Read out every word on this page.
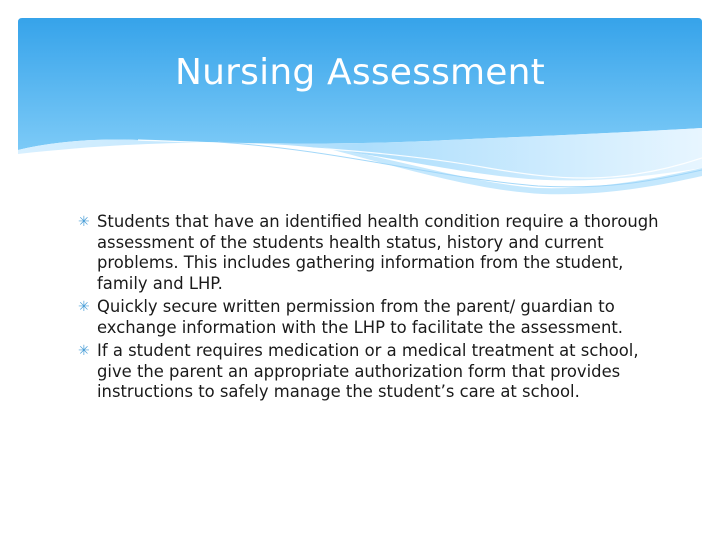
Nursing Assessment
✳ Students that have an identified health condition require a thorough assessment of the students health status, history and current problems. This includes gathering information from the student, family and LHP.
✳ Quickly secure written permission from the parent/ guardian to exchange information with the LHP to facilitate the assessment.
✳ If a student requires medication or a medical treatment at school, give the parent an appropriate authorization form that provides instructions to safely manage the student’s care at school.
